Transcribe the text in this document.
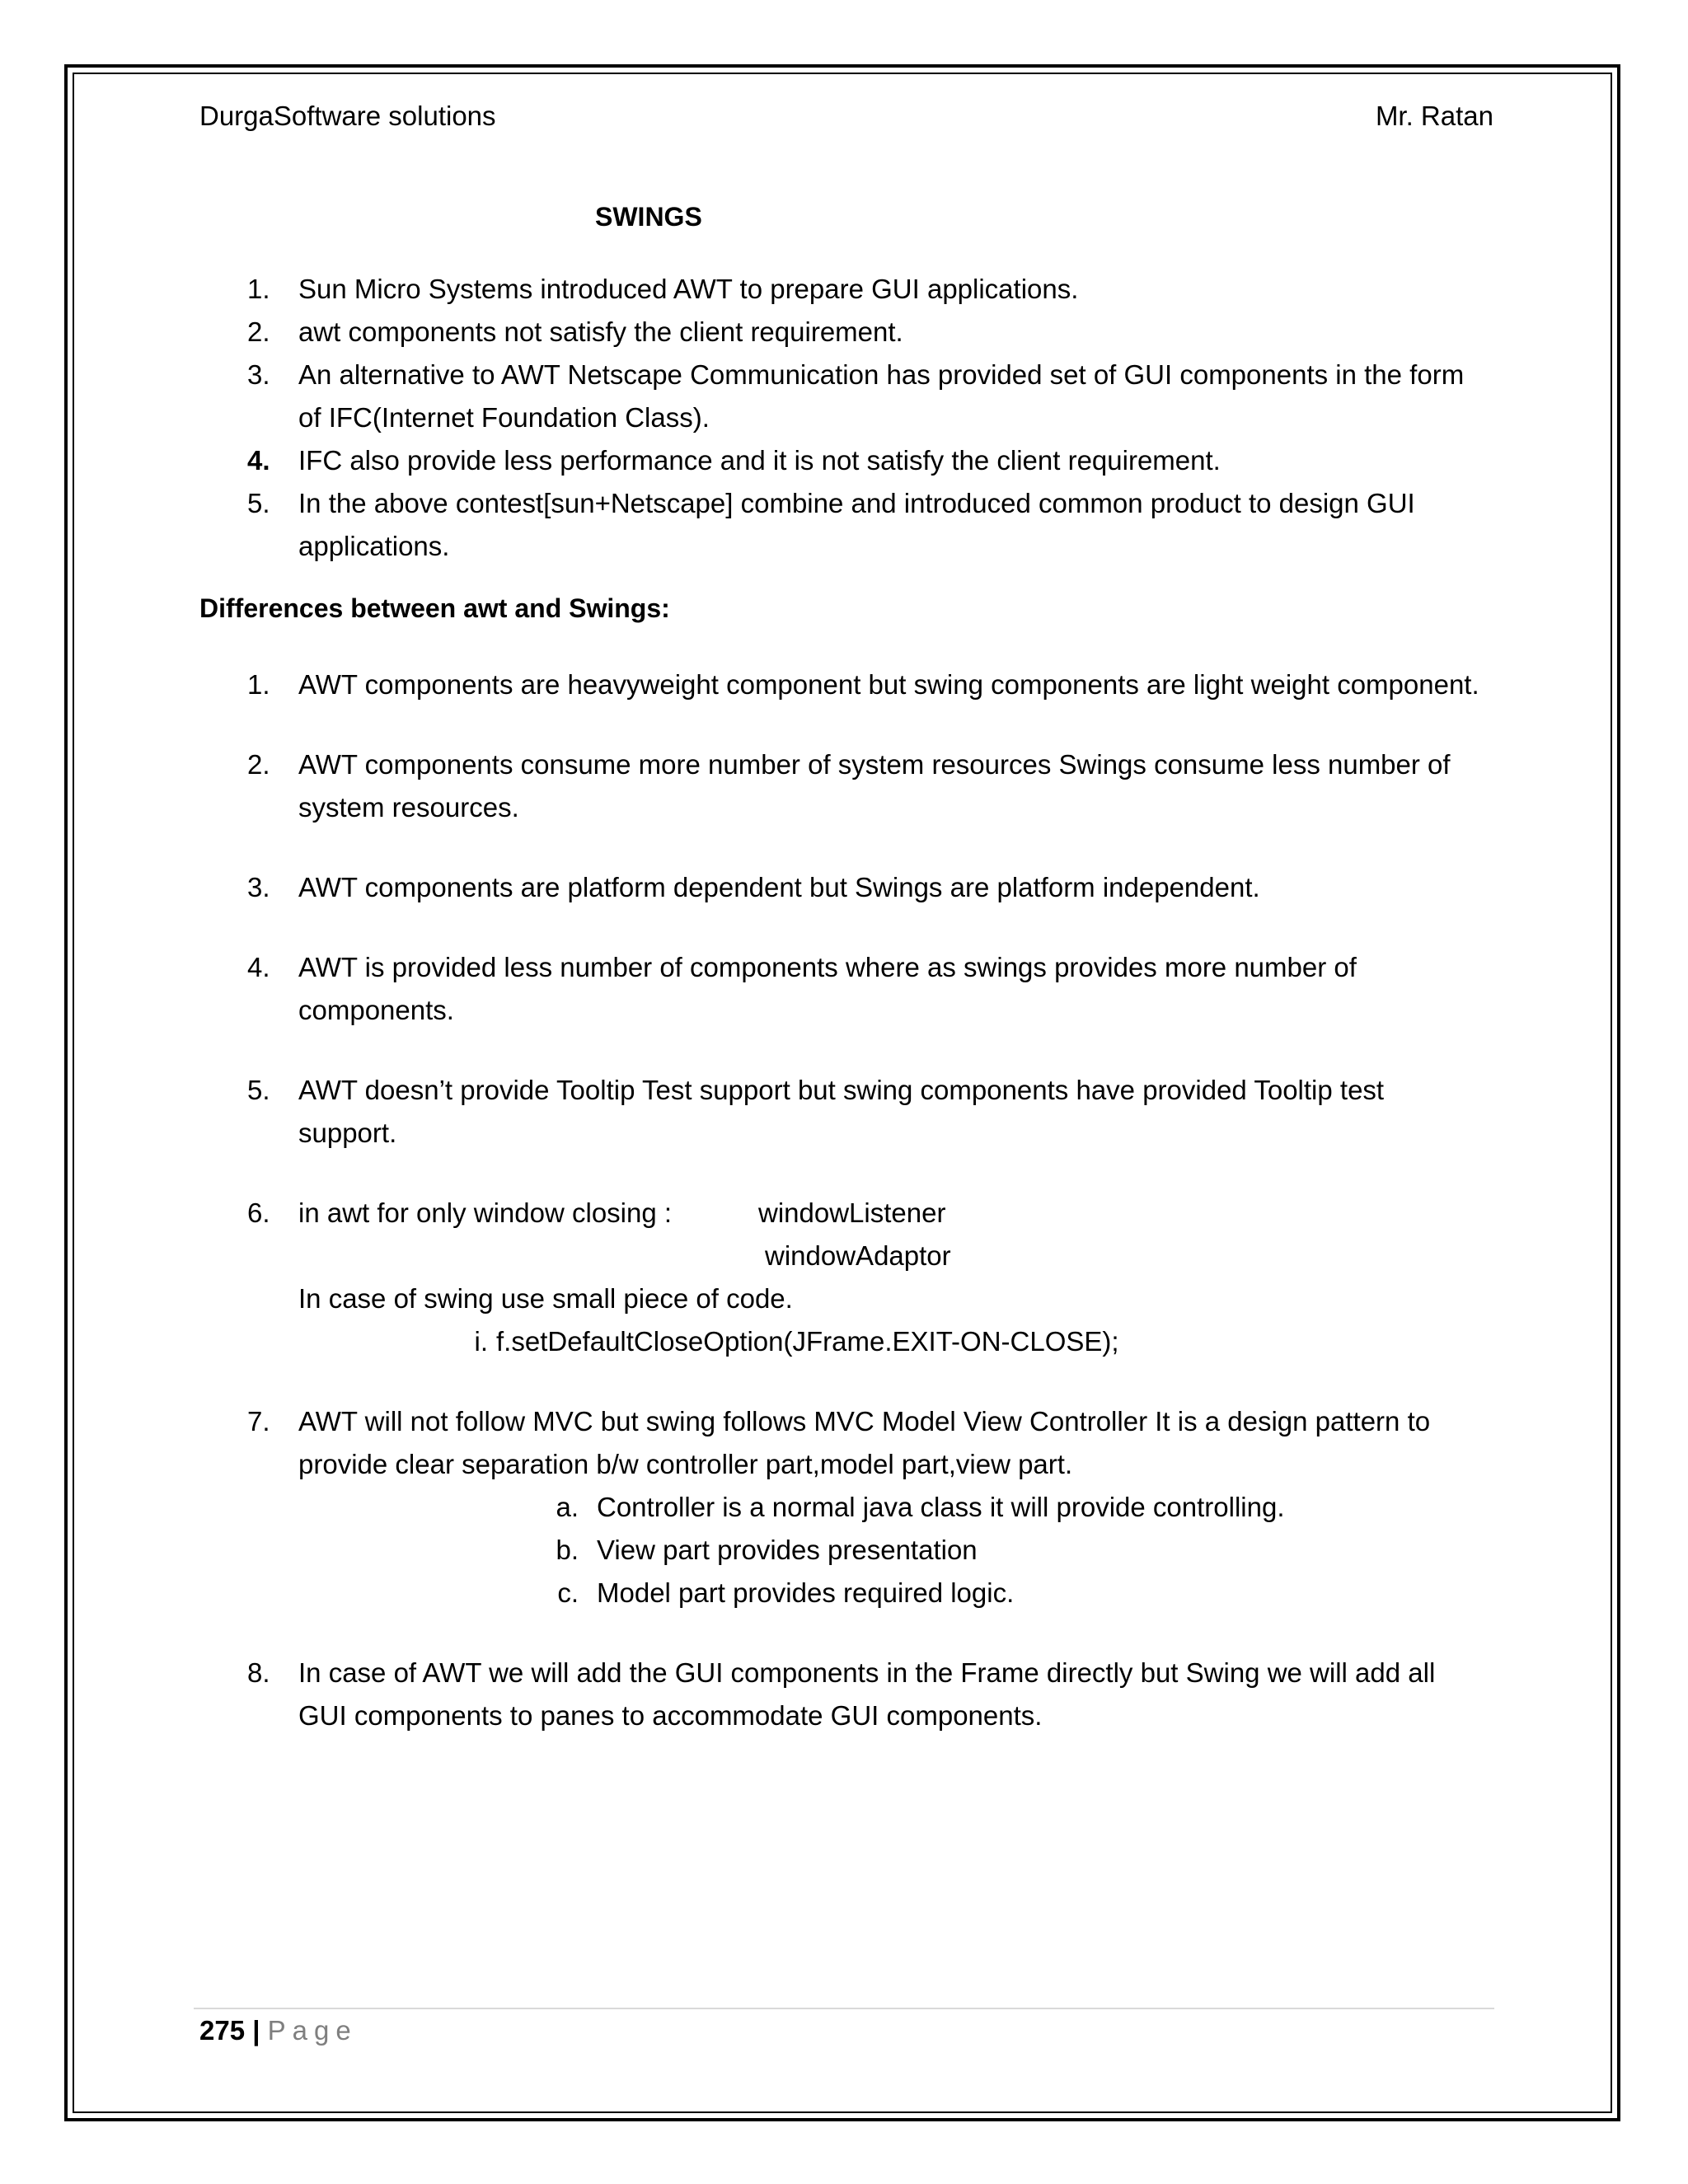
DurgaSoftware solutions	Mr. Ratan
SWINGS
1.	Sun Micro Systems introduced AWT to prepare GUI applications.
2.	awt components not satisfy the client requirement.
3.	An alternative to AWT Netscape Communication has provided set of GUI components in the form of IFC(Internet Foundation Class).
4.	IFC also provide less performance and it is not satisfy the client requirement.
5.	In the above contest[sun+Netscape] combine and introduced common product to design GUI applications.
Differences between awt and Swings:
1.	AWT components are heavyweight component but swing components are light weight component.
2.	AWT components consume more number of system resources Swings consume less number of system resources.
3.	AWT components are platform dependent but Swings are platform independent.
4.	AWT is provided less number of components where as swings provides more number of components.
5.	AWT doesn’t provide Tooltip Test support but swing components have provided Tooltip test support.
6.	in awt for only window closing :	windowListener
windowAdaptor
In case of swing use small piece of code.
i. f.setDefaultCloseOption(JFrame.EXIT-ON-CLOSE);
7.	AWT will not follow MVC but swing follows MVC Model View Controller It is a design pattern to provide clear separation b/w controller part,model part,view part.
a. Controller is a normal java class it will provide controlling.
b. View part provides presentation
c. Model part provides required logic.
8.	In case of AWT we will add the GUI components in the Frame directly but Swing we will add all GUI components to panes to accommodate GUI components.
275 | Page
